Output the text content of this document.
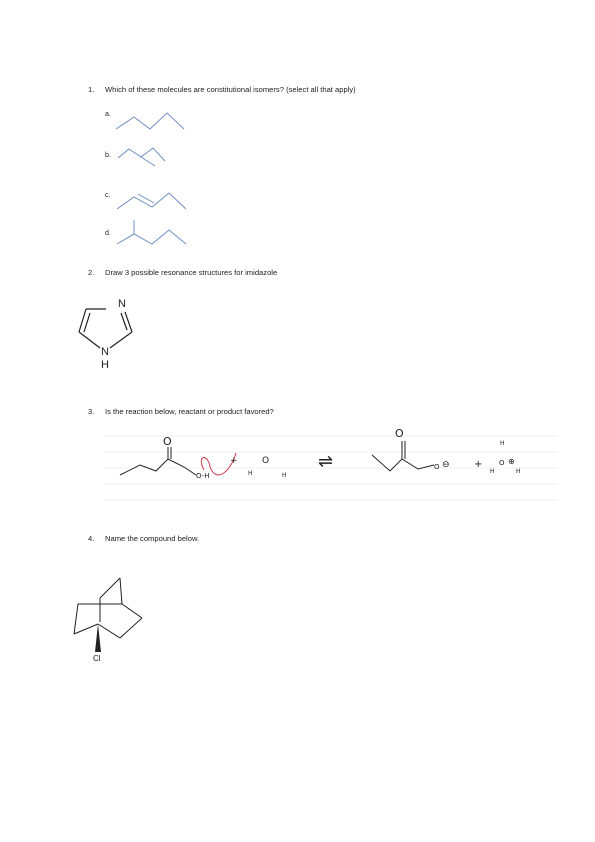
1. Which of these molecules are constitutional isomers? (select all that apply)
a.
b.
c.
d.
2. Draw 3 possible resonance structures for imidazole
N
N
H
3. Is the reaction below, reactant or product favored?
O
O-H
+	O
H	H
⇌
O
O ⊖ +
H
O ⊕
H	H
4. Name the compound below.
Cl
